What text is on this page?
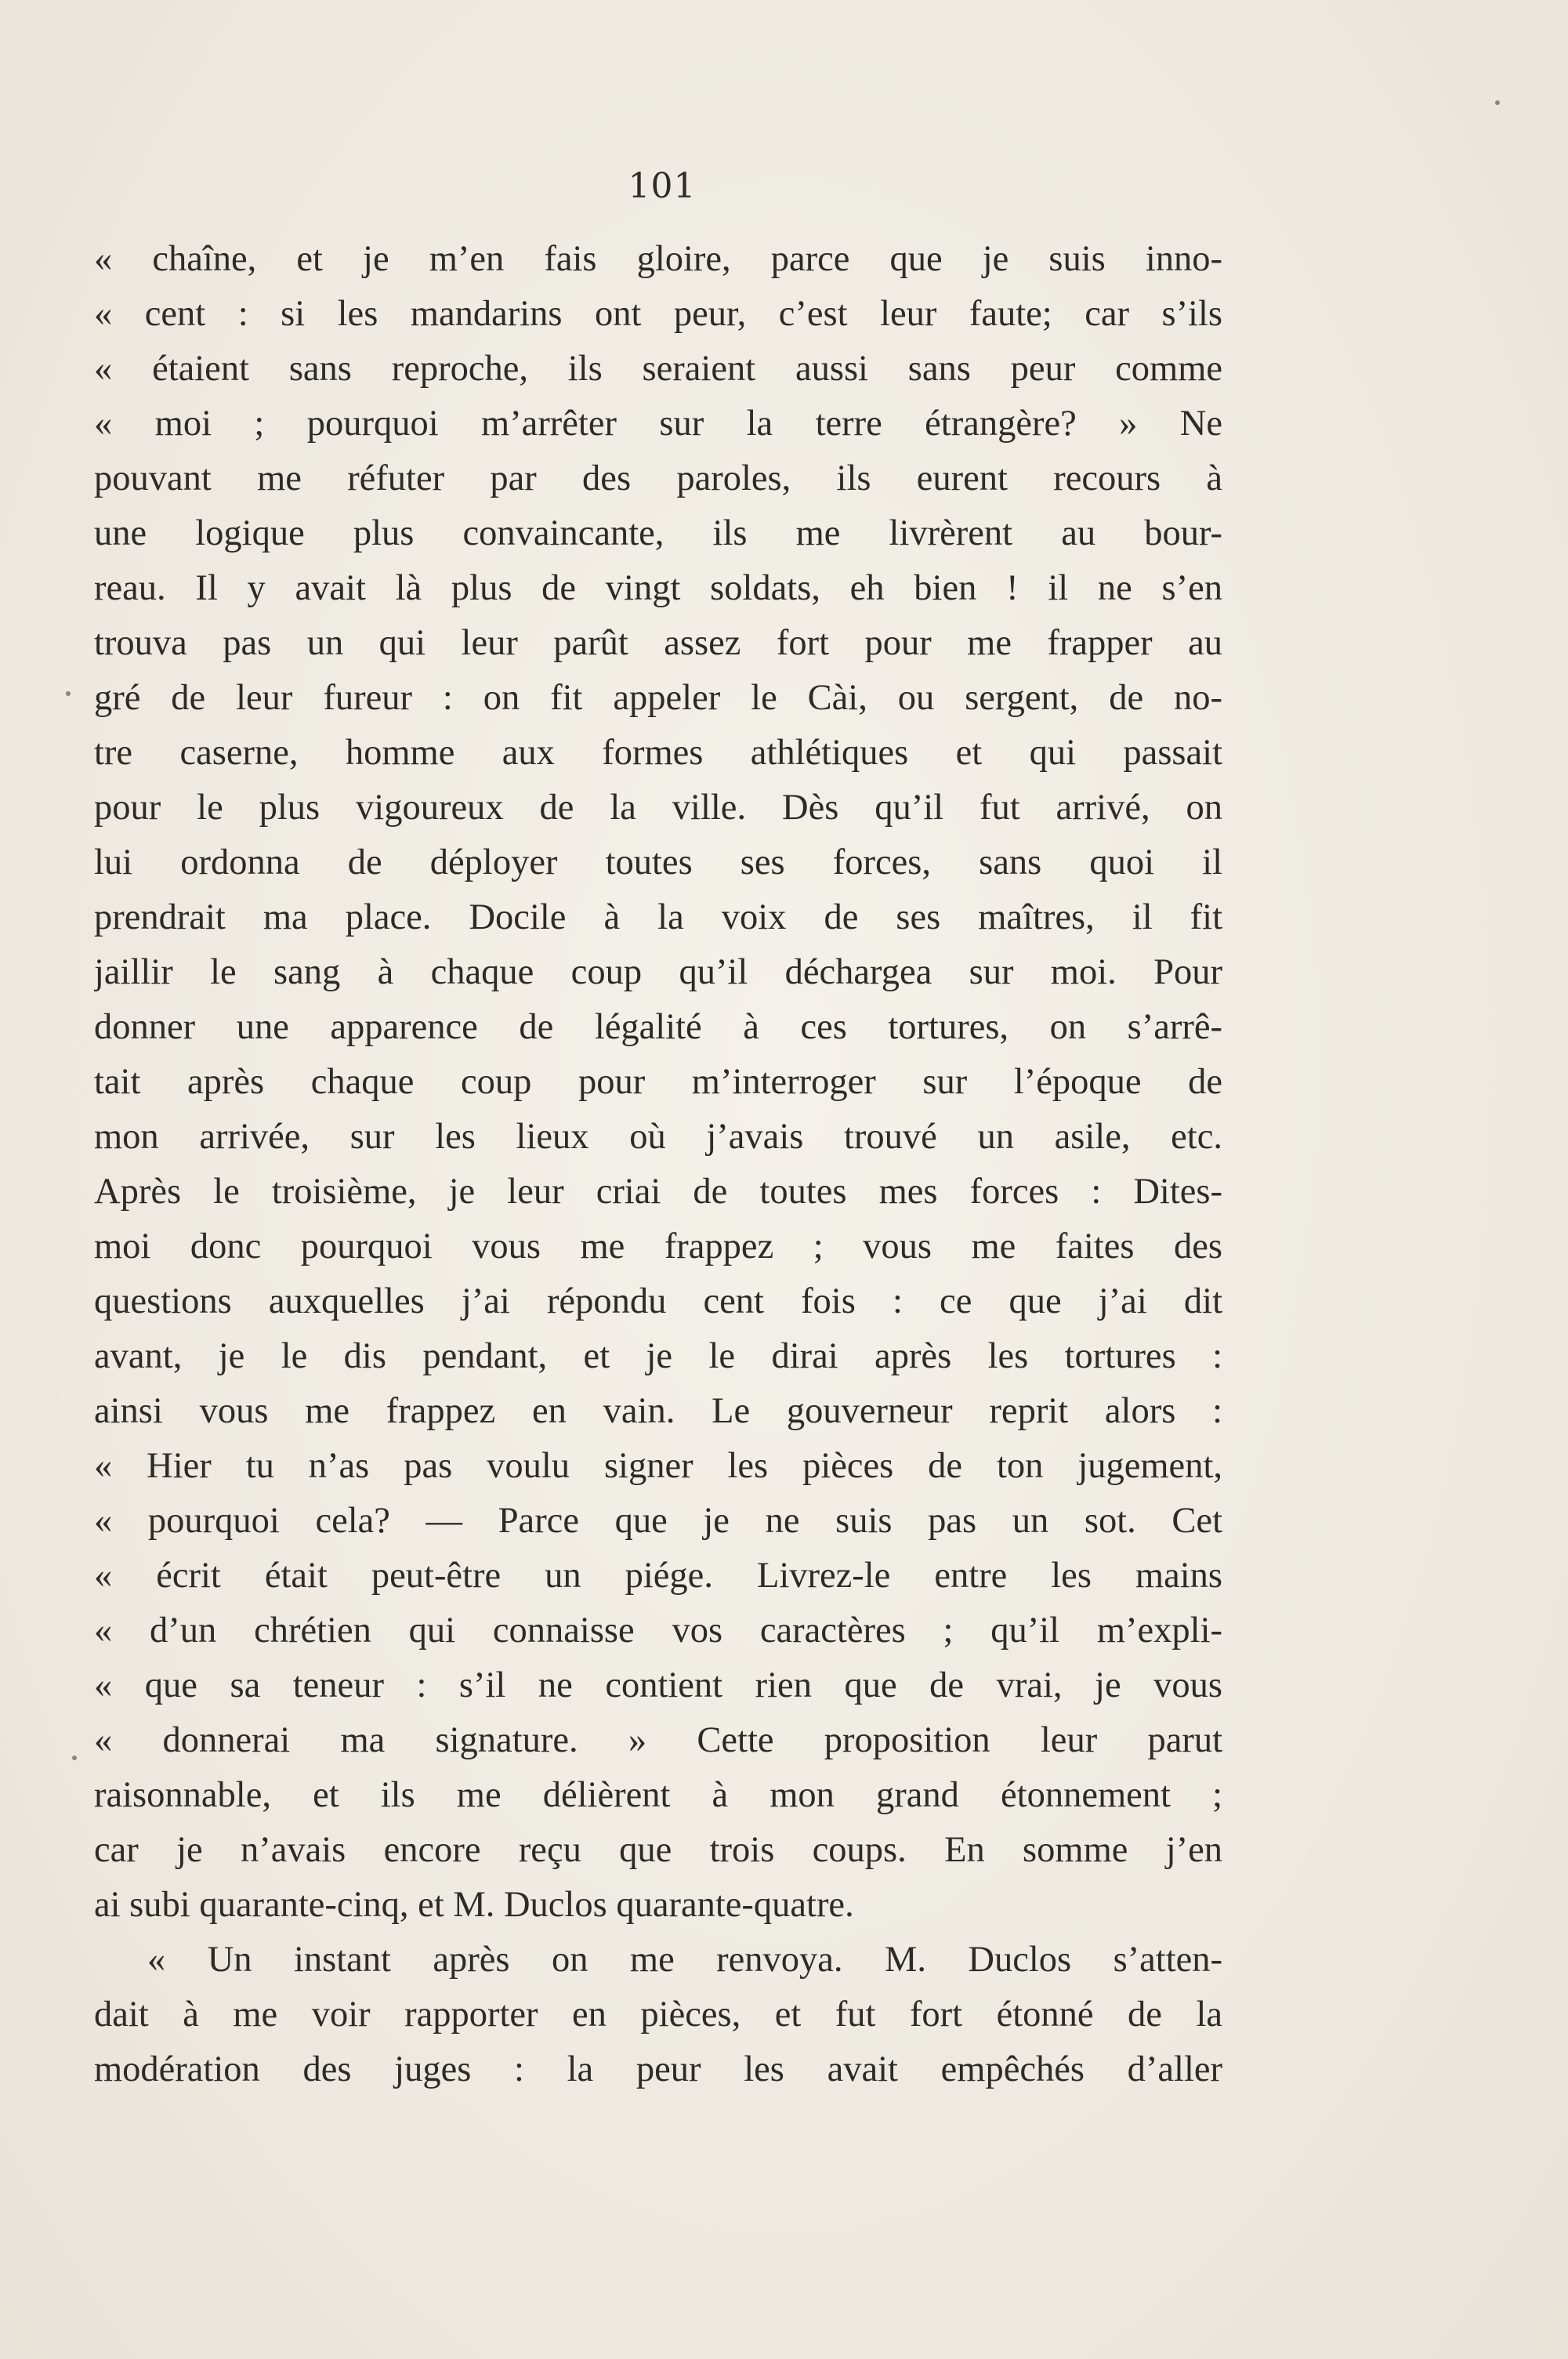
101
« chaîne, et je m’en fais gloire, parce que je suis inno-
« cent : si les mandarins ont peur, c’est leur faute; car s’ils
« étaient sans reproche, ils seraient aussi sans peur comme
« moi ; pourquoi m’arrêter sur la terre étrangère? » Ne
pouvant me réfuter par des paroles, ils eurent recours à
une logique plus convaincante, ils me livrèrent au bour-
reau. Il y avait là plus de vingt soldats, eh bien ! il ne s’en
trouva pas un qui leur parût assez fort pour me frapper au
gré de leur fureur : on fit appeler le Cài, ou sergent, de no-
tre caserne, homme aux formes athlétiques et qui passait
pour le plus vigoureux de la ville. Dès qu’il fut arrivé, on
lui ordonna de déployer toutes ses forces, sans quoi il
prendrait ma place. Docile à la voix de ses maîtres, il fit
jaillir le sang à chaque coup qu’il déchargea sur moi. Pour
donner une apparence de légalité à ces tortures, on s’arrê-
tait après chaque coup pour m’interroger sur l’époque de
mon arrivée, sur les lieux où j’avais trouvé un asile, etc.
Après le troisième, je leur criai de toutes mes forces : Dites-
moi donc pourquoi vous me frappez ; vous me faites des
questions auxquelles j’ai répondu cent fois : ce que j’ai dit
avant, je le dis pendant, et je le dirai après les tortures :
ainsi vous me frappez en vain. Le gouverneur reprit alors :
« Hier tu n’as pas voulu signer les pièces de ton jugement,
« pourquoi cela? — Parce que je ne suis pas un sot. Cet
« écrit était peut-être un piége. Livrez-le entre les mains
« d’un chrétien qui connaisse vos caractères ; qu’il m’expli-
« que sa teneur : s’il ne contient rien que de vrai, je vous
« donnerai ma signature. » Cette proposition leur parut
raisonnable, et ils me délièrent à mon grand étonnement ;
car je n’avais encore reçu que trois coups. En somme j’en
ai subi quarante-cinq, et M. Duclos quarante-quatre.
« Un instant après on me renvoya. M. Duclos s’atten-
dait à me voir rapporter en pièces, et fut fort étonné de la
modération des juges : la peur les avait empêchés d’aller
